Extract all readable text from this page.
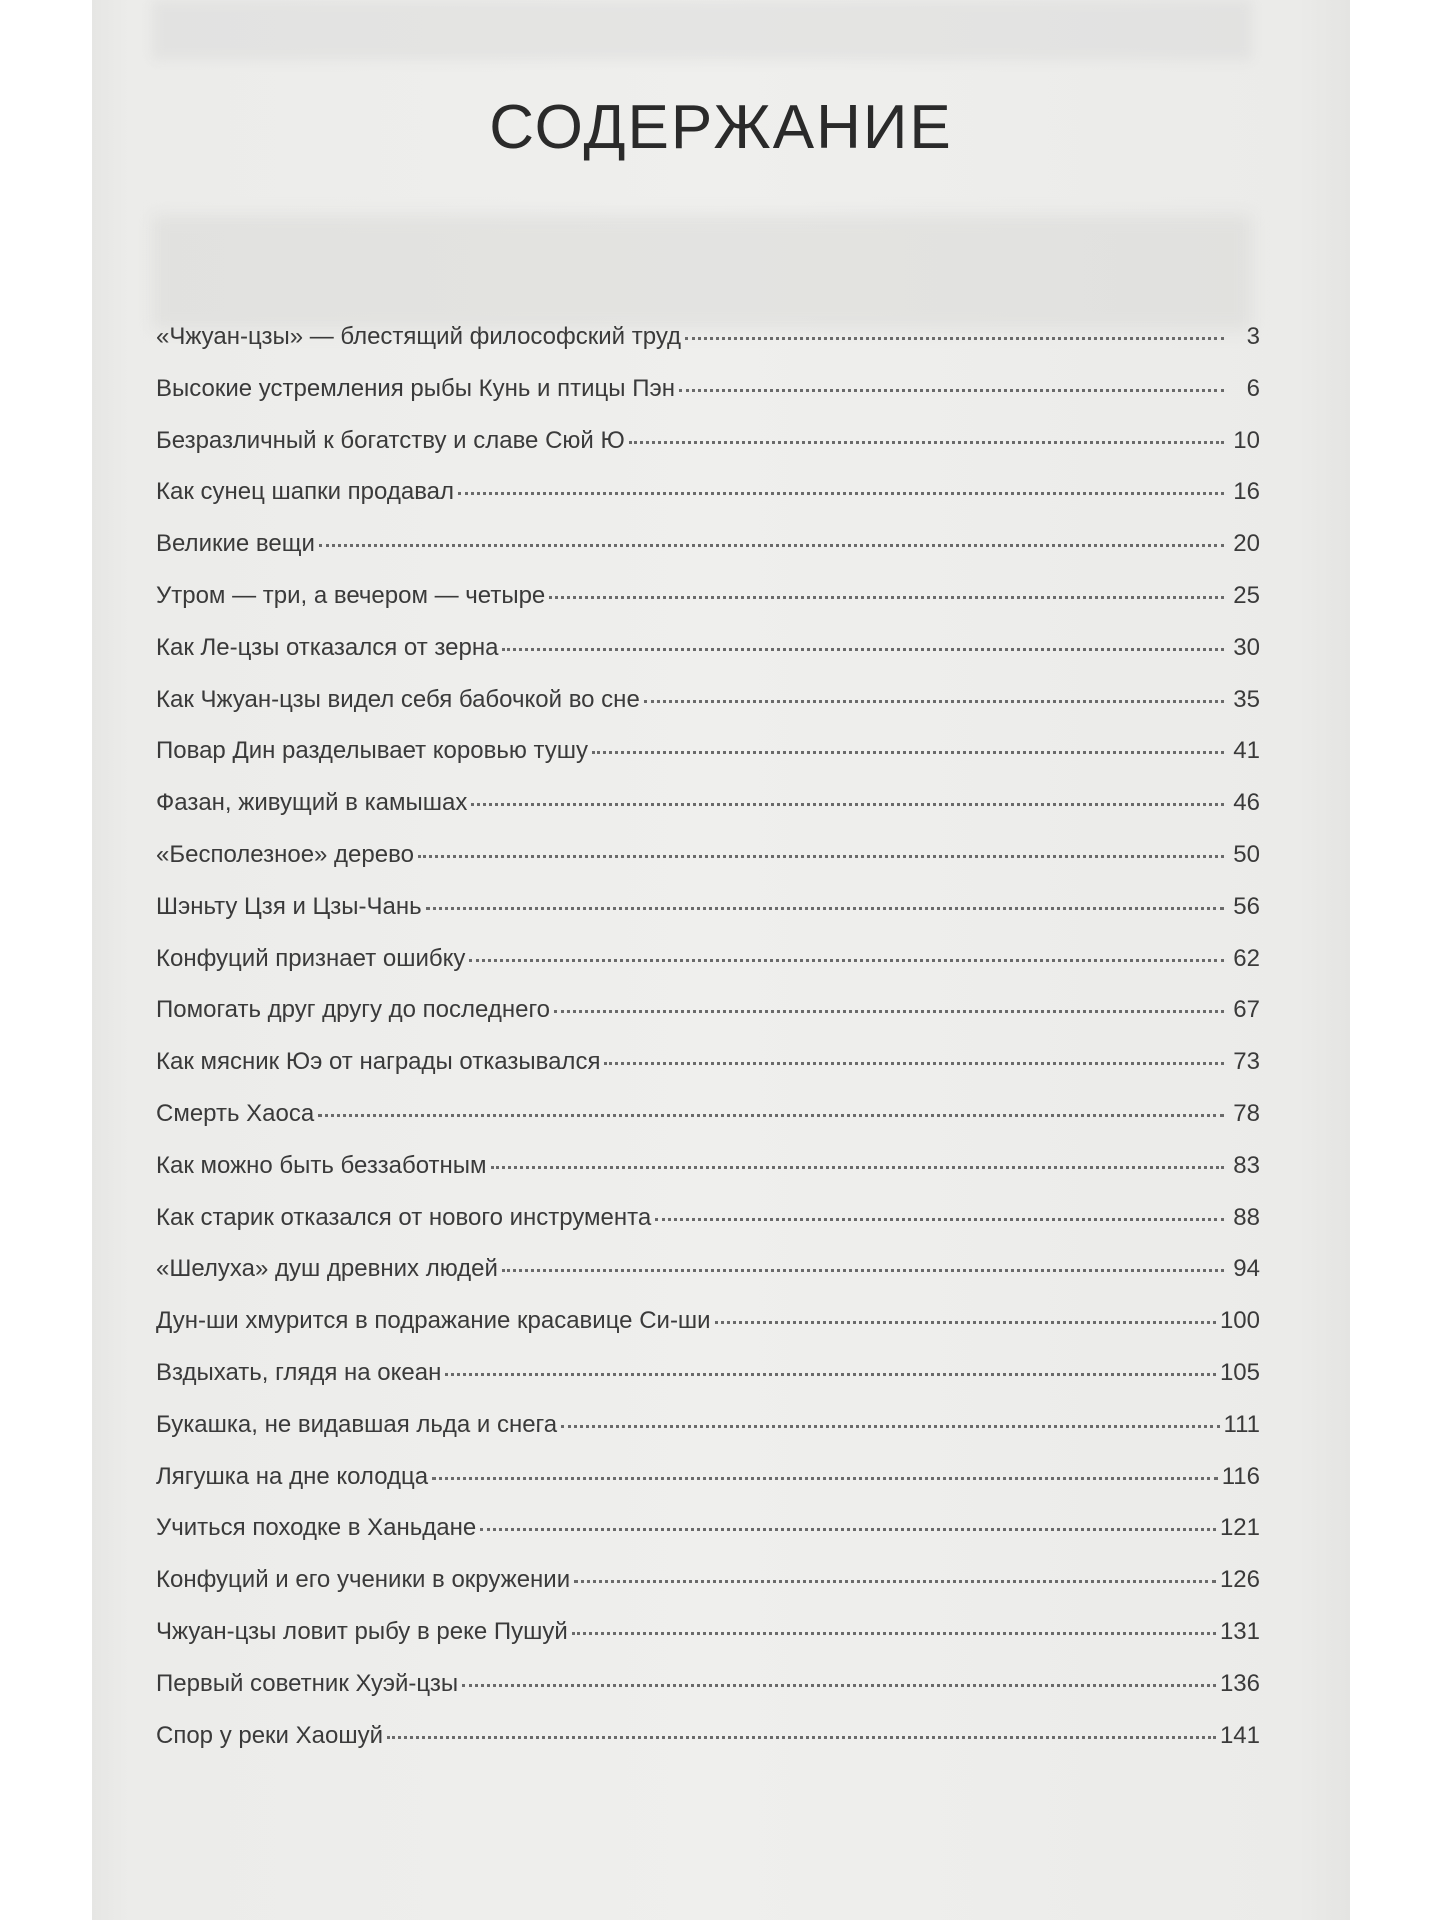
СОДЕРЖАНИЕ
«Чжуан-цзы» — блестящий философский труд	3
Высокие устремления рыбы Кунь и птицы Пэн	6
Безразличный к богатству и славе Сюй Ю	10
Как сунец шапки продавал	16
Великие вещи	20
Утром — три, а вечером — четыре	25
Как Ле-цзы отказался от зерна	30
Как Чжуан-цзы видел себя бабочкой во сне	35
Повар Дин разделывает коровью тушу	41
Фазан, живущий в камышах	46
«Бесполезное» дерево	50
Шэньту Цзя и Цзы-Чань	56
Конфуций признает ошибку	62
Помогать друг другу до последнего	67
Как мясник Юэ от награды отказывался	73
Смерть Хаоса	78
Как можно быть беззаботным	83
Как старик отказался от нового инструмента	88
«Шелуха» душ древних людей	94
Дун-ши хмурится в подражание красавице Си-ши	100
Вздыхать, глядя на океан	105
Букашка, не видавшая льда и снега	111
Лягушка на дне колодца	116
Учиться походке в Ханьдане	121
Конфуций и его ученики в окружении	126
Чжуан-цзы ловит рыбу в реке Пушуй	131
Первый советник Хуэй-цзы	136
Спор у реки Хаошуй	141
